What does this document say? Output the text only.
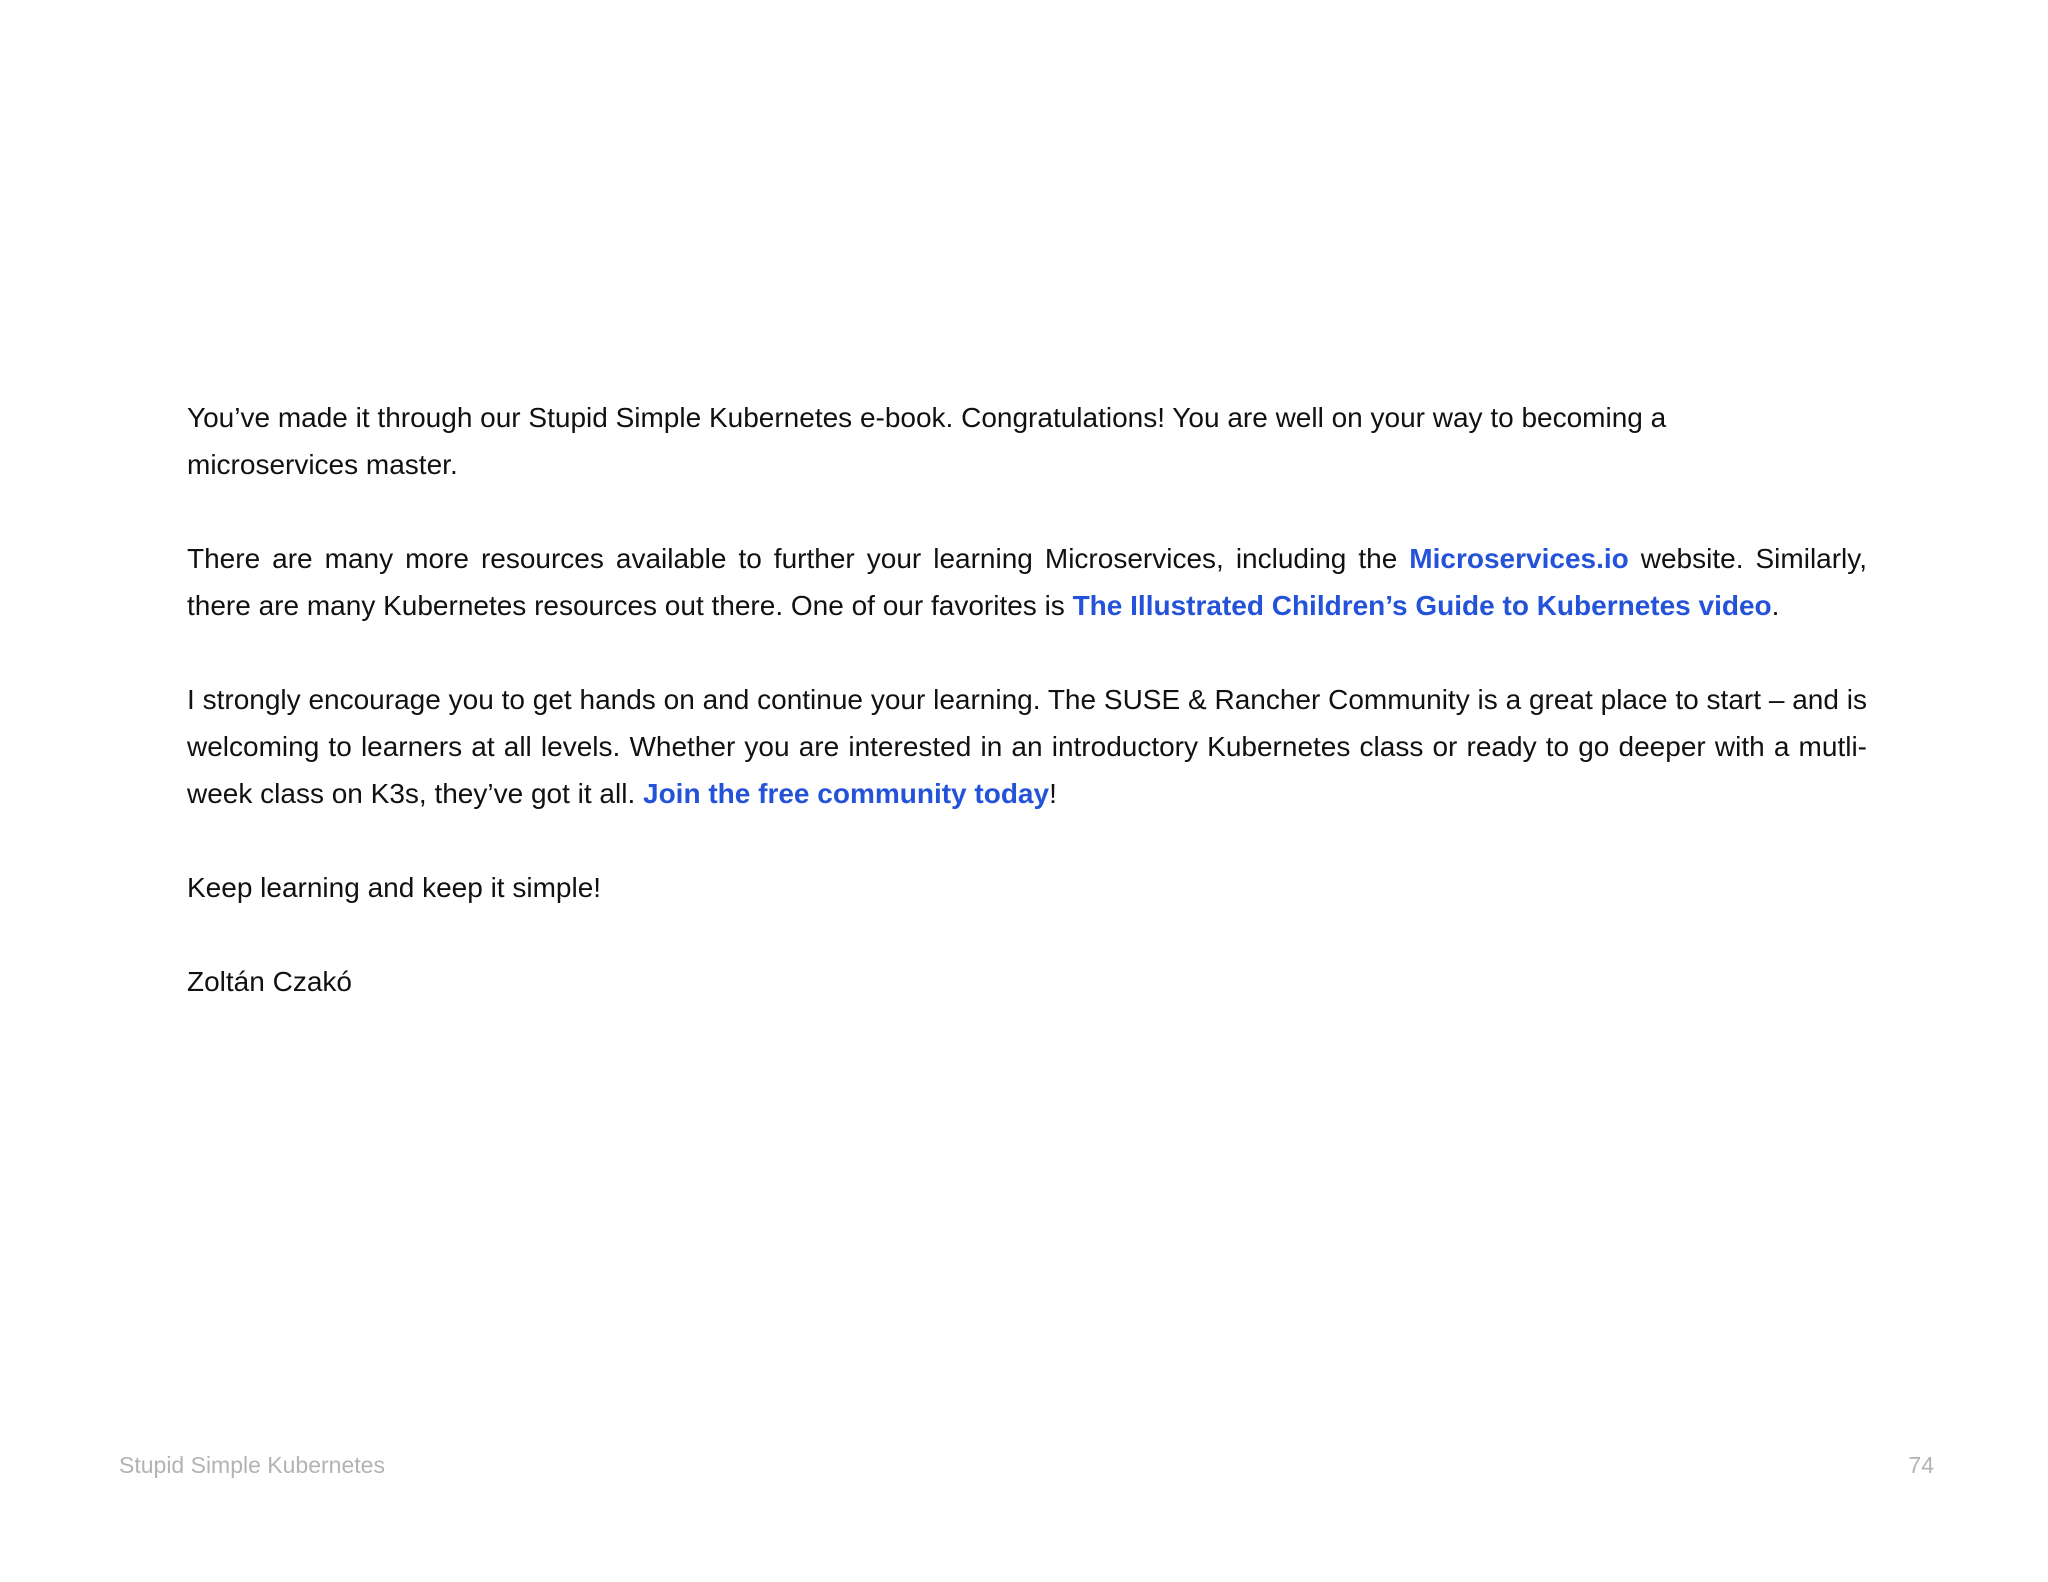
You’ve made it through our Stupid Simple Kubernetes e-book. Congratulations! You are well on your way to becoming a microservices master.

There are many more resources available to further your learning Microservices, including the Microservices.io website. Similarly, there are many Kubernetes resources out there. One of our favorites is The Illustrated Children’s Guide to Kubernetes video.

I strongly encourage you to get hands on and continue your learning. The SUSE & Rancher Community is a great place to start – and is welcoming to learners at all levels. Whether you are interested in an introductory Kubernetes class or ready to go deeper with a mutli-week class on K3s, they’ve got it all. Join the free community today!

Keep learning and keep it simple!

Zoltán Czakó

Stupid Simple Kubernetes	74
